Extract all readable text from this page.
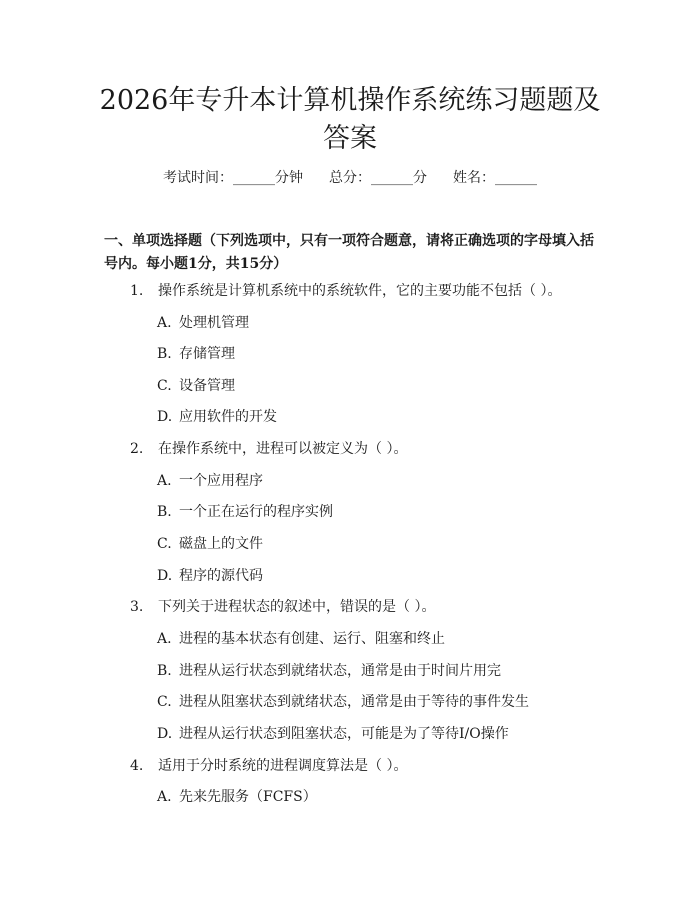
2026年专升本计算机操作系统练习题题及答案
考试时间：______分钟 总分：______分 姓名：______

一、单项选择题（下列选项中，只有一项符合题意，请将正确选项的字母填入括号内。每小题1分，共15分）

1. 操作系统是计算机系统中的系统软件，它的主要功能不包括（ ）。
A. 处理机管理
B. 存储管理
C. 设备管理
D. 应用软件的开发
2. 在操作系统中，进程可以被定义为（ ）。
A. 一个应用程序
B. 一个正在运行的程序实例
C. 磁盘上的文件
D. 程序的源代码
3. 下列关于进程状态的叙述中，错误的是（ ）。
A. 进程的基本状态有创建、运行、阻塞和终止
B. 进程从运行状态到就绪状态，通常是由于时间片用完
C. 进程从阻塞状态到就绪状态，通常是由于等待的事件发生
D. 进程从运行状态到阻塞状态，可能是为了等待I/O操作
4. 适用于分时系统的进程调度算法是（ ）。
A. 先来先服务（FCFS）
